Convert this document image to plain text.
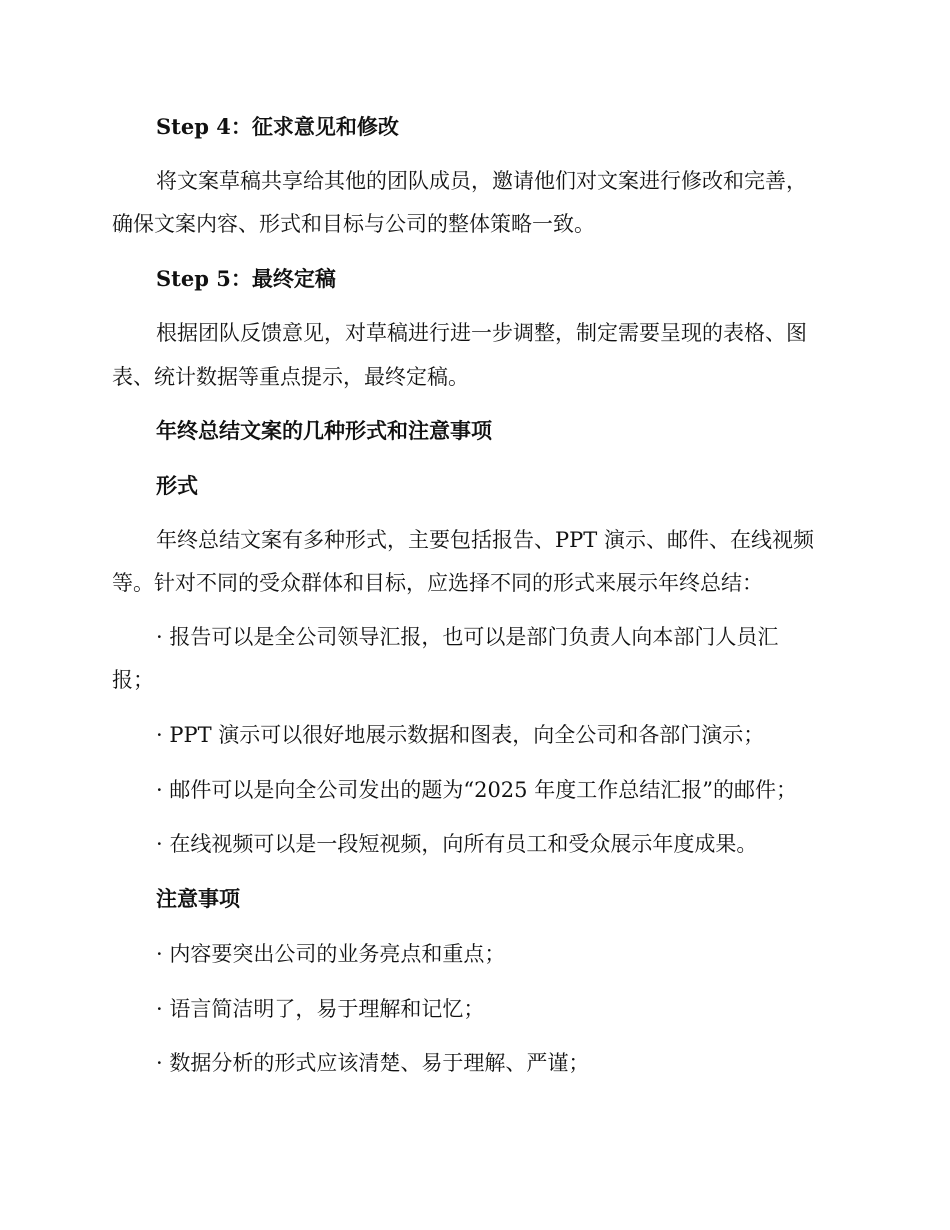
Step 4：征求意见和修改
将文案草稿共享给其他的团队成员，邀请他们对文案进行修改和完善，
确保文案内容、形式和目标与公司的整体策略一致。
Step 5：最终定稿
根据团队反馈意见，对草稿进行进一步调整，制定需要呈现的表格、图
表、统计数据等重点提示，最终定稿。
年终总结文案的几种形式和注意事项
形式
年终总结文案有多种形式，主要包括报告、PPT 演示、邮件、在线视频
等。针对不同的受众群体和目标，应选择不同的形式来展示年终总结：
· 报告可以是全公司领导汇报，也可以是部门负责人向本部门人员汇
报；
· PPT 演示可以很好地展示数据和图表，向全公司和各部门演示；
· 邮件可以是向全公司发出的题为“2025 年度工作总结汇报”的邮件；
· 在线视频可以是一段短视频，向所有员工和受众展示年度成果。
注意事项
· 内容要突出公司的业务亮点和重点；
· 语言简洁明了，易于理解和记忆；
· 数据分析的形式应该清楚、易于理解、严谨；
